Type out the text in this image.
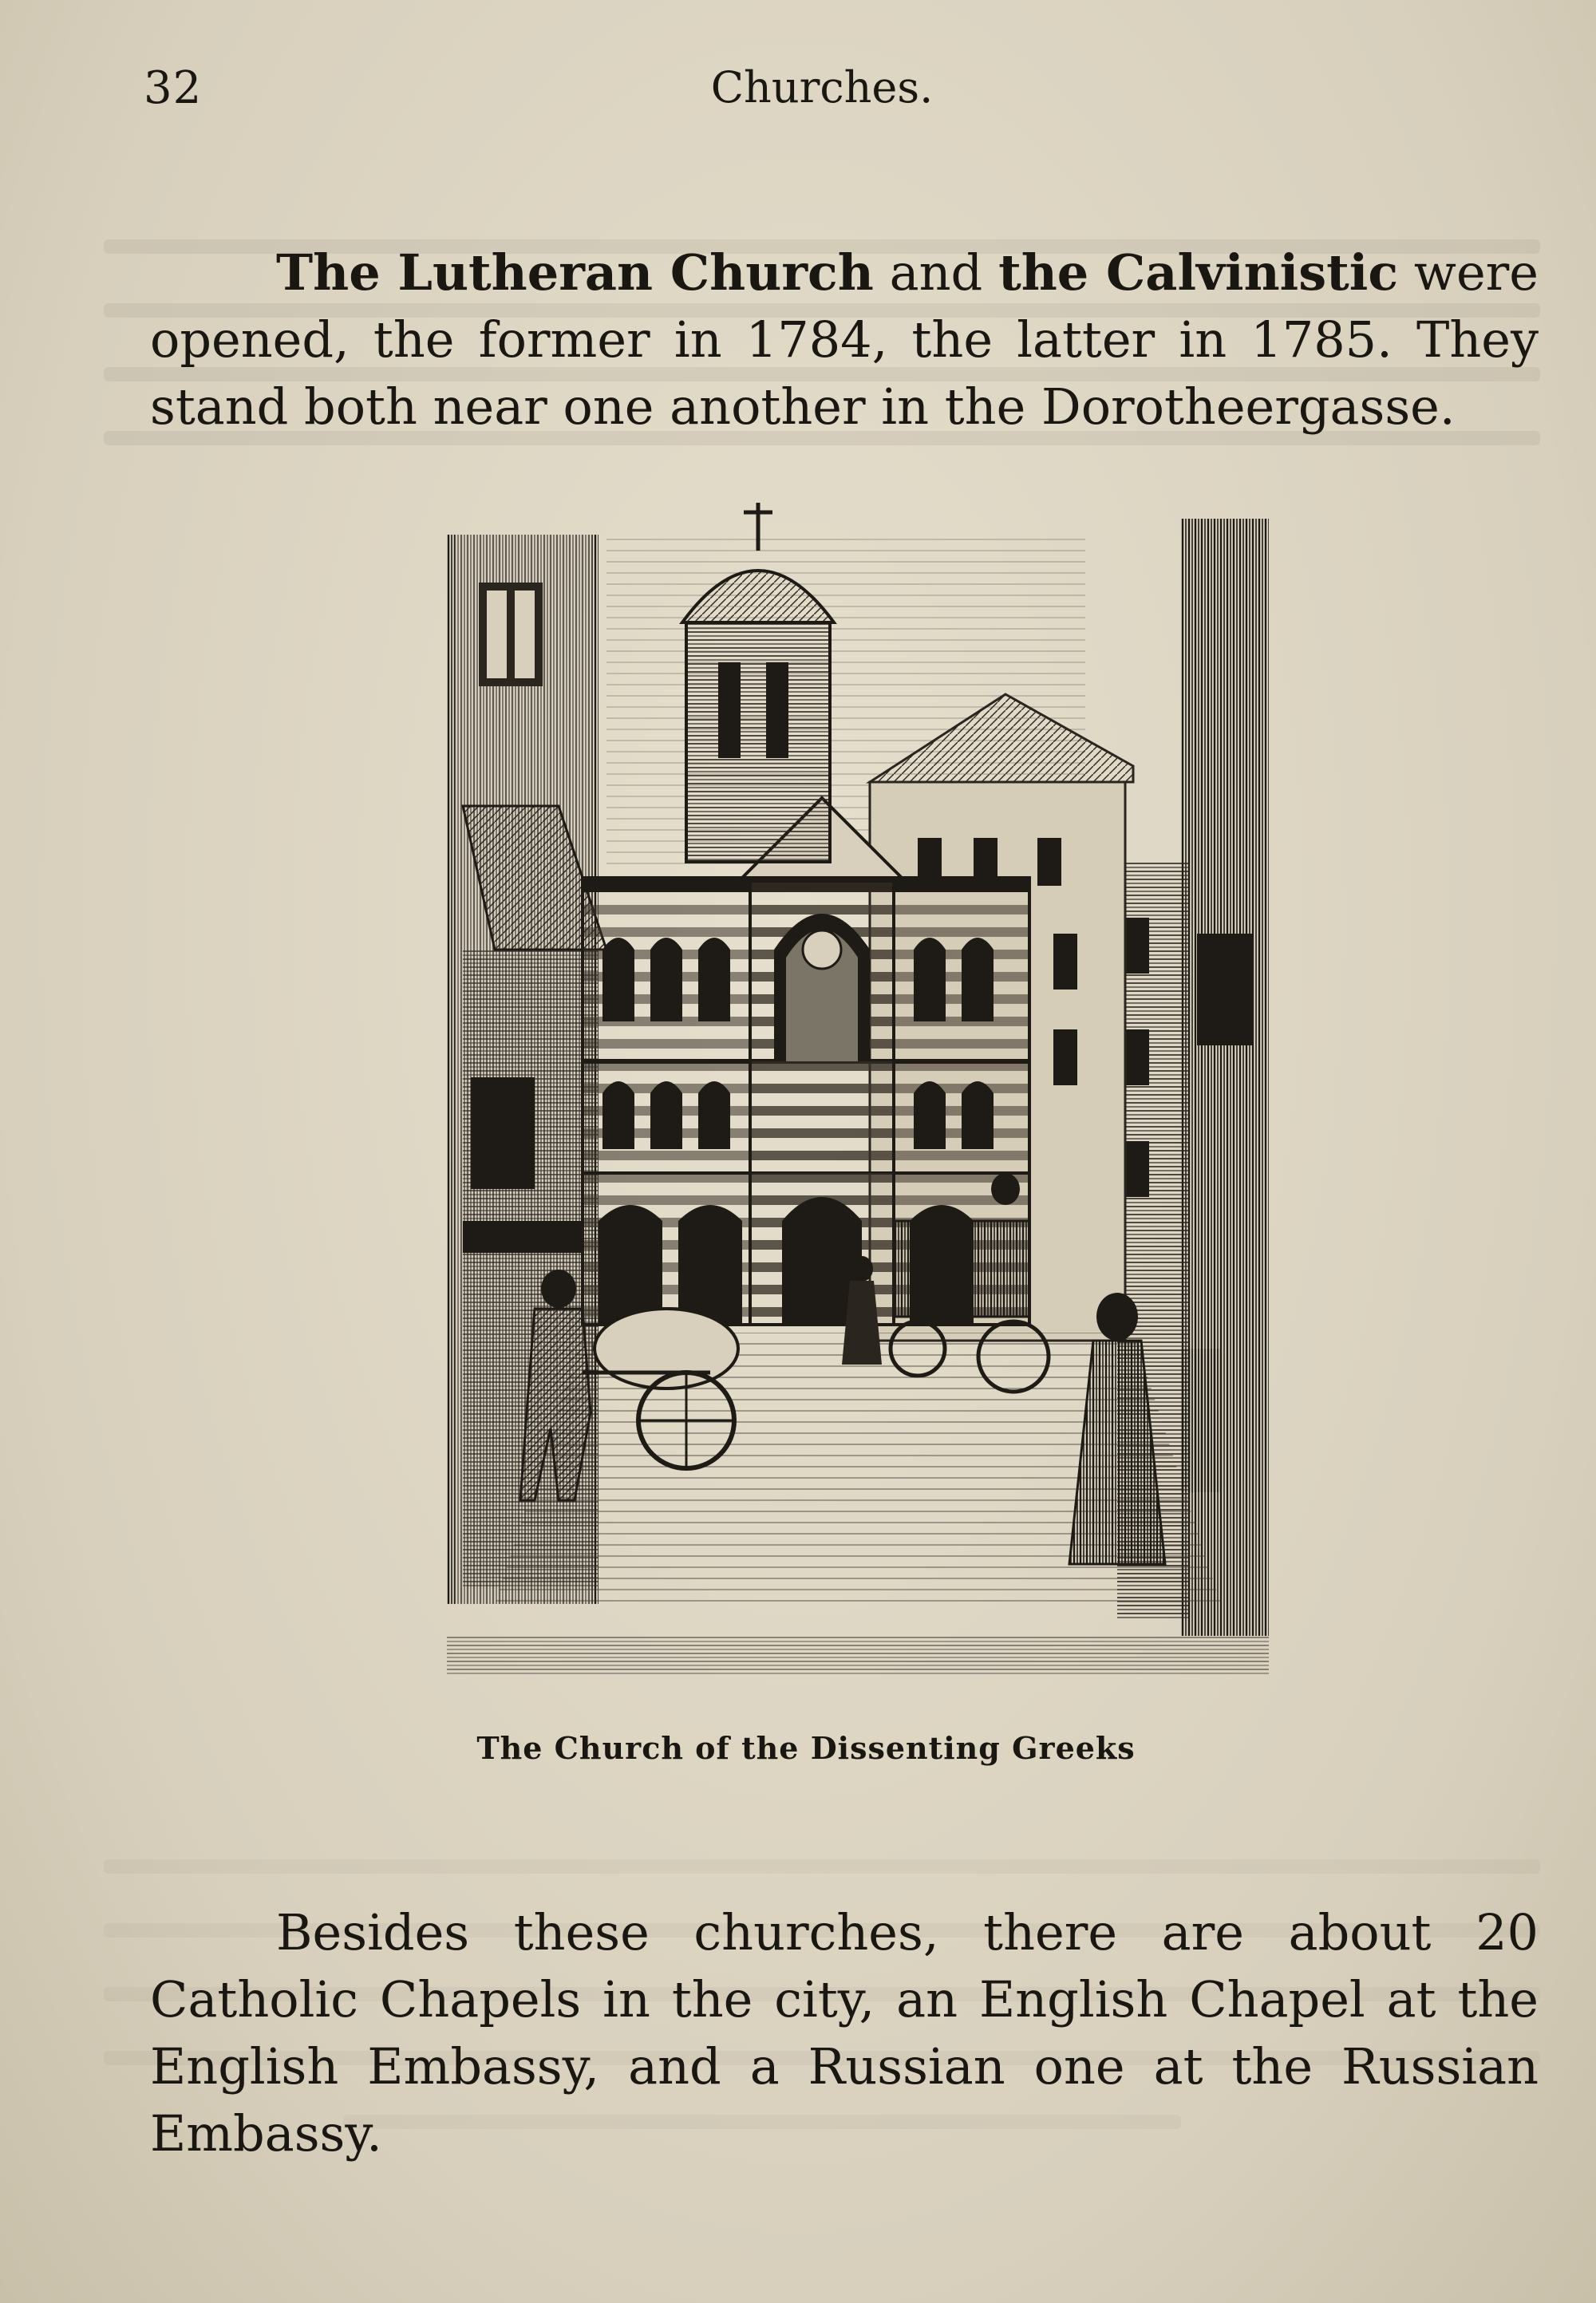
32	Churches.

The Lutheran Church and the Calvinistic were opened, the former in 1784, the latter in 1785. They stand both near one another in the Dorotheergasse.

The Church of the Dissenting Greeks

Besides these churches, there are about 20 Catholic Chapels in the city, an English Chapel at the English Embassy, and a Russian one at the Russian Embassy.
